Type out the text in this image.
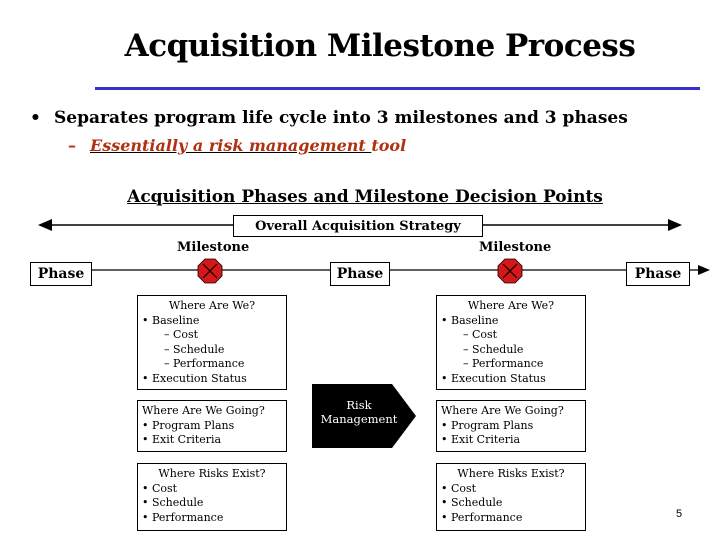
Acquisition Milestone Process
• Separates program life cycle into 3 milestones and 3 phases
– Essentially a risk management tool
Acquisition Phases and Milestone Decision Points
Overall Acquisition Strategy
Milestone	Milestone
Phase	Phase	Phase
Where Are We?
• Baseline
– Cost
– Schedule
– Performance
• Execution Status
Where Are We Going?
• Program Plans
• Exit Criteria
Where Risks Exist?
• Cost
• Schedule
• Performance
Where Are We?
• Baseline
– Cost
– Schedule
– Performance
• Execution Status
Where Are We Going?
• Program Plans
• Exit Criteria
Where Risks Exist?
• Cost
• Schedule
• Performance
Risk
Management
5
